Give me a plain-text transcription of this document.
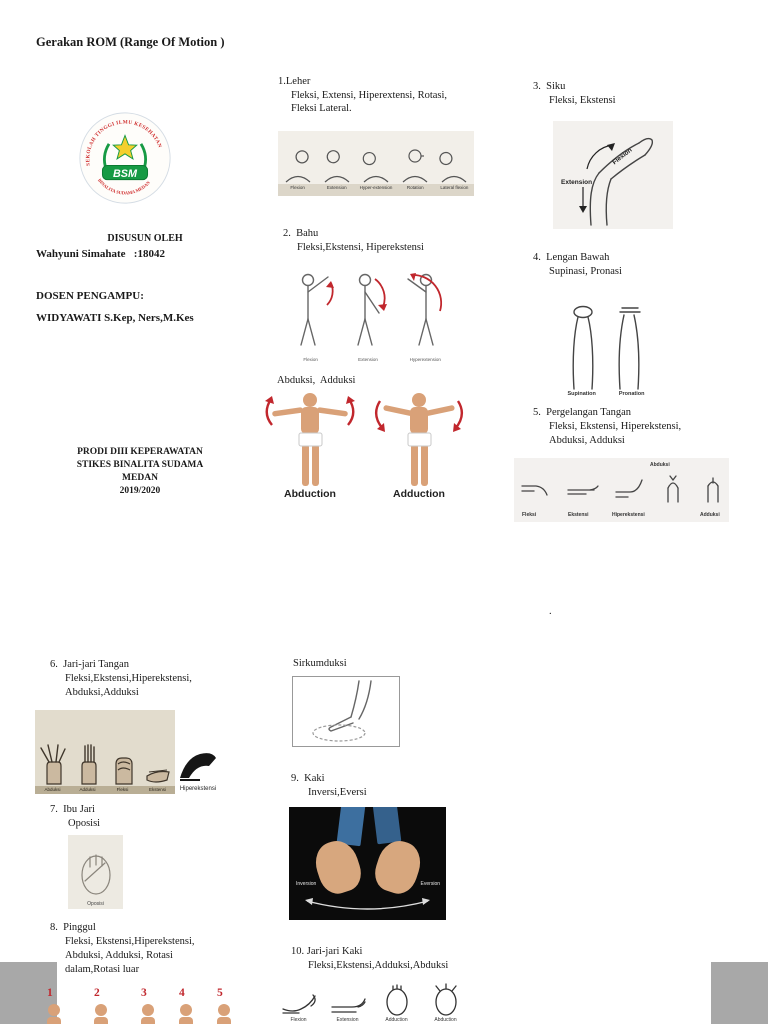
Gerakan ROM (Range Of Motion )
SEKOLAH TINGGI ILMU KESEHATAN
BSM
BINALITA SUDAMA MEDAN
DISUSUN OLEH
Wahyuni Simahate   :18042
DOSEN PENGAMPU:
WIDYAWATI S.Kep, Ners,M.Kes
PRODI DIII KEPERAWATAN
STIKES BINALITA SUDAMA
MEDAN
2019/2020
1.Leher
Fleksi, Extensi, Hiperextensi, Rotasi,
Fleksi Lateral.
Flexion	Extension	Hyper-extension	Rotation	Lateral flexion
2.  Bahu
Fleksi,Ekstensi, Hiperekstensi
Flexion	Extension	Hyperextension
Abduksi,  Adduksi
Abduction	Adduction
3.  Siku
Fleksi, Ekstensi
Flexion
Extension
4.  Lengan Bawah
Supinasi, Pronasi
Supination	Pronation
5.  Pergelangan Tangan
Fleksi, Ekstensi, Hiperekstensi,
Abduksi, Adduksi
Abduksi
Fleksi	Ekstensi	Hiperekstensi	Adduksi
.
6.  Jari-jari Tangan
Fleksi,Ekstensi,Hiperekstensi,
Abduksi,Adduksi
Abduksi	Adduksi	Fleksi	Ekstensi	Hiperekstensi
7.  Ibu Jari
Oposisi
Oposisi
8.  Pinggul
Fleksi, Ekstensi,Hiperekstensi,
Abduksi, Adduksi, Rotasi
dalam,Rotasi luar
1	2	3	4	5
Sirkumduksi
9.  Kaki
Inversi,Eversi
Inversion	Eversion
10. Jari-jari Kaki
Fleksi,Ekstensi,Adduksi,Abduksi
Flexion	Extension	Adduction	Abduction
